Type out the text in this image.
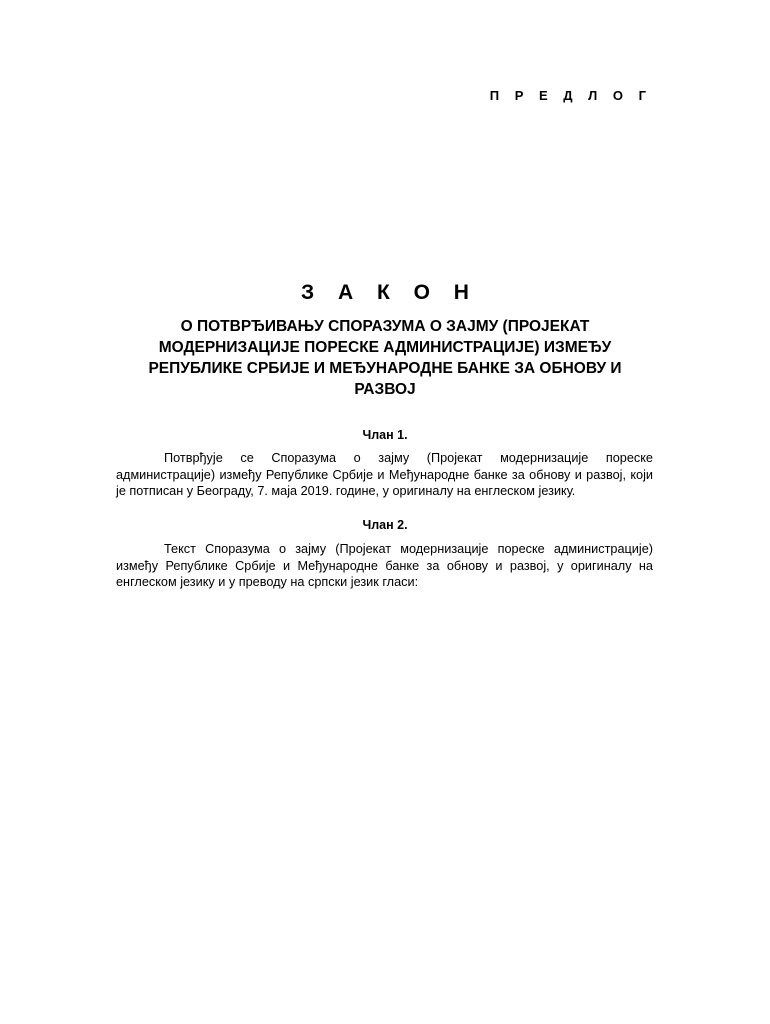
П Р Е Д Л О Г
З А К О Н
О ПОТВРЂИВАЊУ СПОРАЗУМА О ЗАЈМУ (ПРОЈЕКАТ МОДЕРНИЗАЦИЈЕ ПОРЕСКЕ АДМИНИСТРАЦИЈЕ) ИЗМЕЂУ РЕПУБЛИКЕ СРБИЈЕ И МЕЂУНАРОДНЕ БАНКЕ ЗА ОБНОВУ И РАЗВОЈ
Члан 1.
Потврђује се Споразума о зајму (Пројекат модернизације пореске администрације) између Републике Србије и Међународне банке за обнову и развој, који је потписан у Београду, 7. маја 2019. године, у оригиналу на енглеском језику.
Члан 2.
Текст Споразума о зајму (Пројекат модернизације пореске администрације) између Републике Србије и Међународне банке за обнову и развој, у оригиналу на енглеском језику и у преводу на српски језик гласи:
